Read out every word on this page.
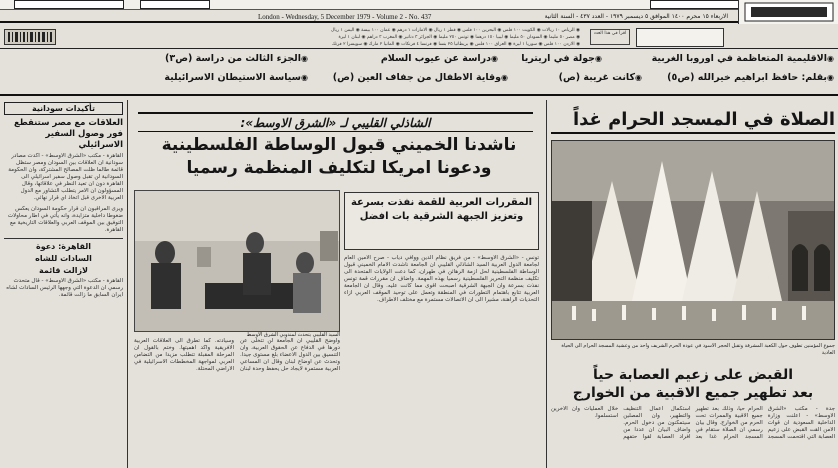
London - Wednesday, 5 December 1979 - Volume 2 - No. 437	الاربعاء ١٥ محرم ١٤٠٠ الموافق ٥ ديسمبر ١٩٧٩ - العدد ٤٣٧ - السنة الثانية
◉ الرياض ١٠ ريالات ◉ الكويت ١٠٠ فلس ◉ البحرين ١٠٠ فلس ◉ قطر ١ ريال ◉ الامارات ١ درهم ◉ عمان ١٠٠ بيسة ◉ اليمن ١ ريال
◉ مصر ٥٠ مليما ◉ السودان ٥٠ مليما ◉ ليبيا ١٥٠ درهما ◉ تونس ٢٥٠ مليما ◉ الجزائر ٣ دنانير ◉ المغرب ٣ دراهم ◉ لبنان ١ ليرة
◉ الاردن ١٠٠ فلس ◉ سوريا ١ ليرة ◉ العراق ١٠٠ فلس ◉ بريطانيا ٢٥ بنسا ◉ فرنسا ٤ فرنكات ◉ المانيا ٢ مارك ◉ سويسرا ٢ فرنك
اقرأ في هذا العدد
◉ الاقليمية المتعاظمة في اوروبا الغربية
◉ جولة في اريتريا
◉ دراسة عن عيوب السلام
◉ الجزء الثالث من دراسة (ص٣)
◉ بقلم: حافظ ابراهيم خيرالله (ص٥)
◉ كانت غريبة (ص)
◉ وقاية الاطفال من جفاف العين (ص)
◉ سياسة الاستيطان الاسرائيلية
تأكيدات سودانية
العلاقات مع مصر ستنقطع فور وصول السفير الاسرائيلي
القاهرة - مكتب «الشرق الاوسط» - اكدت مصادر سودانية ان العلاقات بين السودان ومصر ستظل قائمة طالما ظلت المصالح المشتركة، وان الحكومة السودانية لن تقبل وصول سفير اسرائيلي الى القاهرة دون ان تعيد النظر في علاقاتها، وقال المسؤولون ان الامر يتطلب التشاور مع الدول العربية الاخرى قبل اتخاذ اي قرار نهائي.
ويرى المراقبون ان قرار حكومة السودان يعكس ضغوطا داخلية متزايدة، وانه يأتي في اطار محاولات التوفيق بين الموقف العربي والعلاقات التاريخية مع القاهرة.
القاهرة: دعوة
السادات للشاه
لازالت قائمة
القاهرة - مكتب «الشرق الاوسط» - قال متحدث رسمي ان الدعوة التي وجهها الرئيس السادات لشاه ايران السابق ما زالت قائمة.
الشاذلي القليبي لـ «الشرق الاوسط»:
ناشدنا الخميني قبول الوساطة الفلسطينية
ودعونا امريكا لتكليف المنظمة رسميا
السيد القليبي يتحدث لمندوبي الشرق الاوسط
المقررات العربية للقمة نفذت بسرعة وتعزيز الجبهة الشرقية بات افضل
تونس - «الشرق الاوسط» - من فريق نظام الدين ووافي دياب - صرح الامين العام لجامعة الدول العربية السيد الشاذلي القليبي ان الجامعة ناشدت الامام الخميني قبول الوساطة الفلسطينية لحل ازمة الرهائن في طهران، كما دعت الولايات المتحدة الى تكليف منظمة التحرير الفلسطينية رسميا بهذه المهمة. واضاف ان مقررات قمة تونس نفذت بسرعة وان الجبهة الشرقية اصبحت اقوى مما كانت عليه. وقال ان الجامعة العربية تتابع باهتمام التطورات في المنطقة وتعمل على توحيد الموقف العربي ازاء التحديات الراهنة، مشيرا الى ان الاتصالات مستمرة مع مختلف الاطراف.
واوضح القليبي ان الجامعة لن تتخلى عن دورها في الدفاع عن الحقوق العربية، وان التنسيق بين الدول الاعضاء بلغ مستوى جيدا. وتحدث عن اوضاع لبنان وقال ان المساعي العربية مستمرة لايجاد حل يحفظ وحدة لبنان وسيادته. كما تطرق الى العلاقات العربية الافريقية واكد اهميتها. وختم بالقول ان المرحلة المقبلة تتطلب مزيدا من التضامن العربي لمواجهة المخططات الاسرائيلية في الاراضي المحتلة.
الصلاة في المسجد الحرام غداً
جموع المؤمنين تطوف حول الكعبة المشرفة وتقبل الحجر الاسود في عودة الحرم الشريف واحد من وعشية المسجد الحرام الى الحياة العادية
القبض على زعيم العصابة حياً
بعد تطهير جميع الاقبية من الخوارج
جدة - مكتب «الشرق الاوسط» - اعلنت وزارة الداخلية السعودية ان قوات الامن القت القبض على زعيم العصابة التي اقتحمت المسجد الحرام حيا، وذلك بعد تطهير جميع الاقبية والممرات تحت الحرم من الخوارج. وقال بيان رسمي ان الصلاة ستقام في المسجد الحرام غدا بعد استكمال اعمال التنظيف والتطهير، وان المصلين سيتمكنون من دخول الحرم. واضاف البيان ان عددا من افراد العصابة لقوا حتفهم خلال العمليات وان الاخرين استسلموا.
